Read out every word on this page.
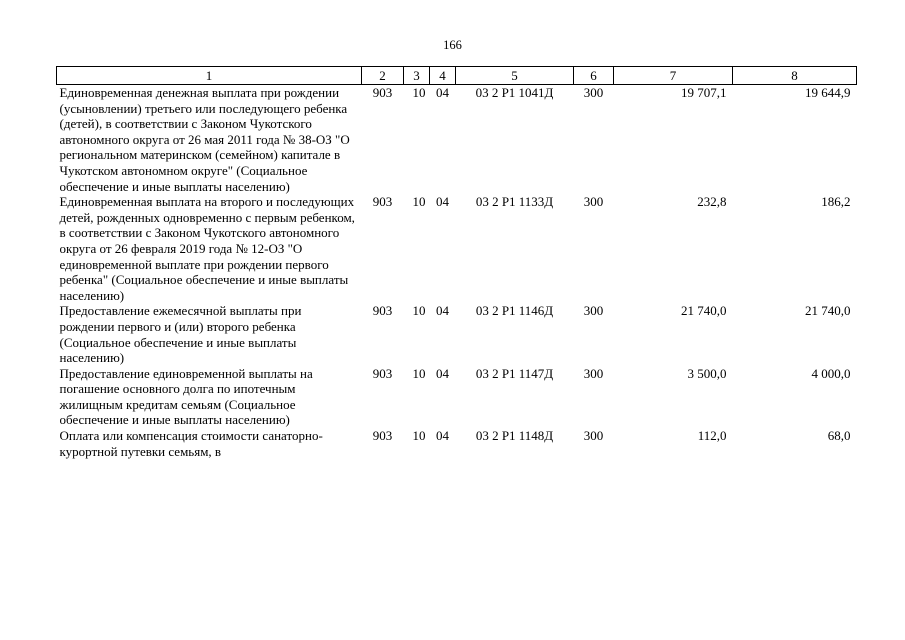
166
1	2	3	4	5	6	7	8
Единовременная денежная выплата при рождении (усыновлении) третьего или последующего ребенка (детей), в соответствии с Законом Чукотского автономного округа от 26 мая 2011 года № 38-ОЗ "О региональном материнском (семейном) капитале в Чукотском автономном округе" (Социальное обеспечение и иные выплаты населению)	903	10	04	03 2 Р1 1041Д	300	19 707,1	19 644,9
Единовременная выплата на второго и последующих детей, рожденных одновременно с первым ребенком, в соответствии с Законом Чукотского автономного округа от 26 февраля 2019 года № 12-ОЗ "О единовременной выплате при рождении первого ребенка" (Социальное обеспечение и иные выплаты населению)	903	10	04	03 2 Р1 1133Д	300	232,8	186,2
Предоставление ежемесячной выплаты при рождении первого и (или) второго ребенка (Социальное обеспечение и иные выплаты населению)	903	10	04	03 2 Р1 1146Д	300	21 740,0	21 740,0
Предоставление единовременной выплаты на погашение основного долга по ипотечным жилищным кредитам семьям (Социальное обеспечение и иные выплаты населению)	903	10	04	03 2 Р1 1147Д	300	3 500,0	4 000,0
Оплата или компенсация стоимости санаторно-курортной путевки семьям, в	903	10	04	03 2 Р1 1148Д	300	112,0	68,0
